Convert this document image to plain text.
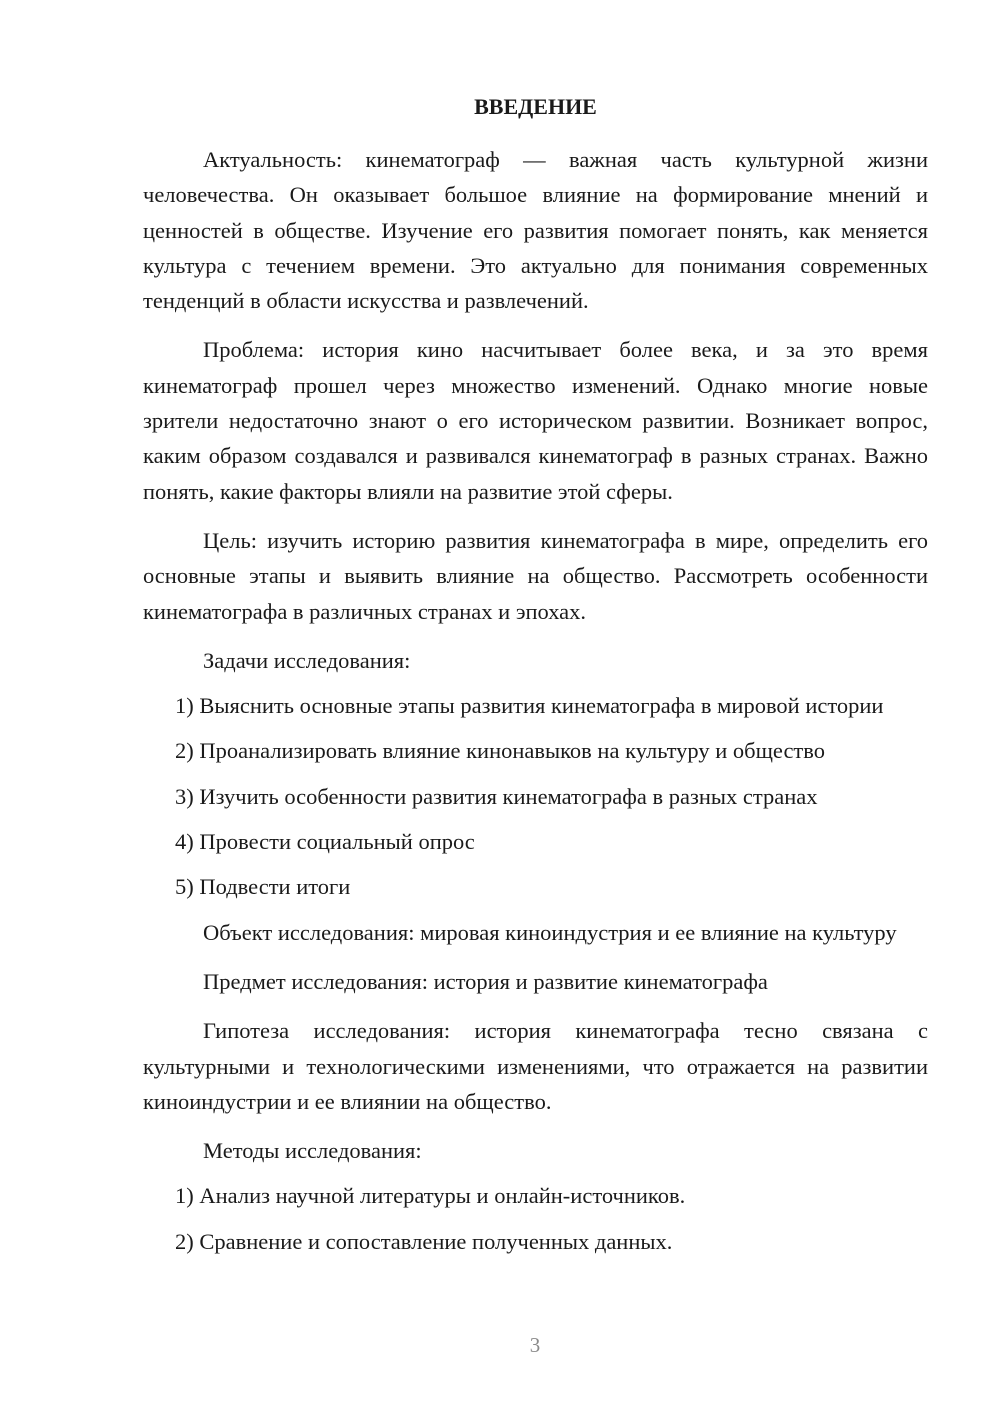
ВВЕДЕНИЕ
Актуальность: кинематограф — важная часть культурной жизни человечества. Он оказывает большое влияние на формирование мнений и ценностей в обществе. Изучение его развития помогает понять, как меняется культура с течением времени. Это актуально для понимания современных тенденций в области искусства и развлечений.
Проблема: история кино насчитывает более века, и за это время кинематограф прошел через множество изменений. Однако многие новые зрители недостаточно знают о его историческом развитии. Возникает вопрос, каким образом создавался и развивался кинематограф в разных странах. Важно понять, какие факторы влияли на развитие этой сферы.
Цель: изучить историю развития кинематографа в мире, определить его основные этапы и выявить влияние на общество. Рассмотреть особенности кинематографа в различных странах и эпохах.
Задачи исследования:
1) Выяснить основные этапы развития кинематографа в мировой истории
2) Проанализировать влияние кинонавыков на культуру и общество
3) Изучить особенности развития кинематографа в разных странах
4) Провести социальный опрос
5) Подвести итоги
Объект исследования: мировая киноиндустрия и ее влияние на культуру
Предмет исследования: история и развитие кинематографа
Гипотеза исследования: история кинематографа тесно связана с культурными и технологическими изменениями, что отражается на развитии киноиндустрии и ее влиянии на общество.
Методы исследования:
1) Анализ научной литературы и онлайн-источников.
2) Сравнение и сопоставление полученных данных.
3
